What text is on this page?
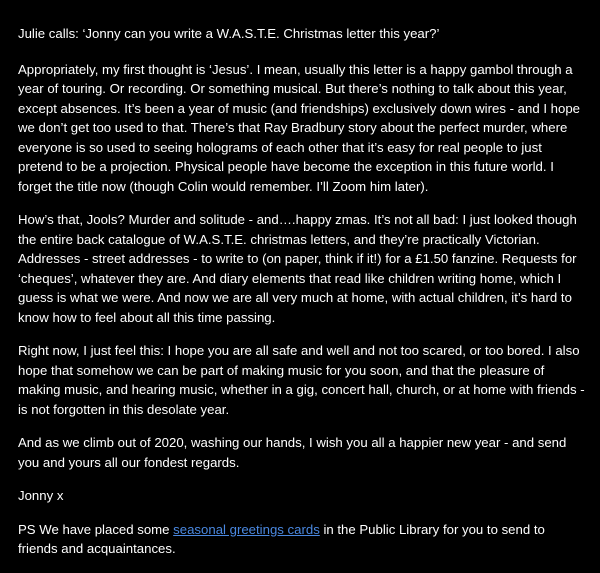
Julie calls: ‘Jonny can you write a W.A.S.T.E. Christmas letter this year?’

Appropriately, my first thought is ‘Jesus’. I mean, usually this letter is a happy gambol through a year of touring. Or recording. Or something musical. But there’s nothing to talk about this year, except absences. It’s been a year of music (and friendships) exclusively down wires - and I hope we don’t get too used to that. There’s that Ray Bradbury story about the perfect murder, where everyone is so used to seeing holograms of each other that it’s easy for real people to just pretend to be a projection. Physical people have become the exception in this future world. I forget the title now (though Colin would remember. I’ll Zoom him later).

How’s that, Jools? Murder and solitude - and….happy zmas. It’s not all bad: I just looked though the entire back catalogue of W.A.S.T.E. christmas letters, and they’re practically Victorian. Addresses - street addresses - to write to (on paper, think if it!) for a £1.50 fanzine. Requests for ‘cheques’, whatever they are. And diary elements that read like children writing home, which I guess is what we were. And now we are all very much at home, with actual children, it’s hard to know how to feel about all this time passing.

Right now, I just feel this: I hope you are all safe and well and not too scared, or too bored. I also hope that somehow we can be part of making music for you soon, and that the pleasure of making music, and hearing music, whether in a gig, concert hall, church, or at home with friends - is not forgotten in this desolate year.

And as we climb out of 2020, washing our hands, I wish you all a happier new year - and send you and yours all our fondest regards.

Jonny x

PS We have placed some seasonal greetings cards in the Public Library for you to send to friends and acquaintances.
